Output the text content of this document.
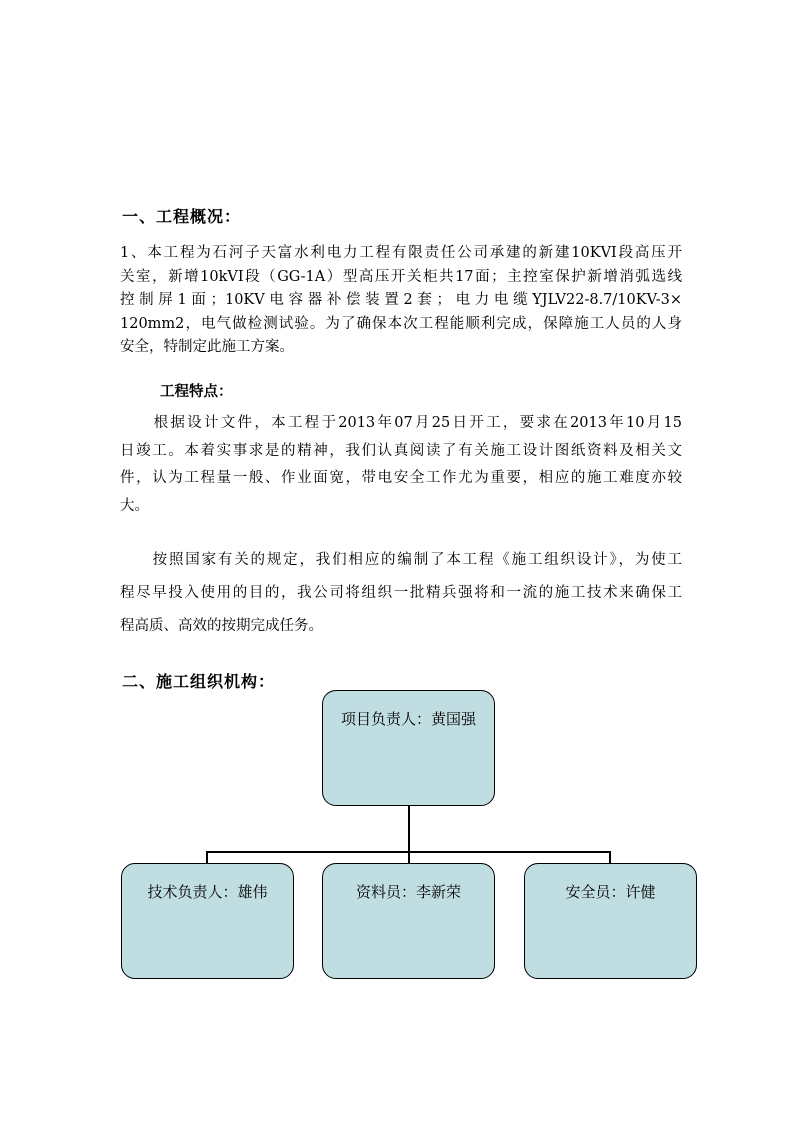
一、工程概况：
1、本工程为石河子天富水利电力工程有限责任公司承建的新建10KVI段高压开
关室，新增10kVI段（GG-1A）型高压开关柜共17面；主控室保护新增消弧选线
控制屏1面；10KV电容器补偿装置2套；电力电缆YJLV22-8.7/10KV-3×
120mm2，电气做检测试验。为了确保本次工程能顺利完成，保障施工人员的人身
安全，特制定此施工方案。
工程特点：
　　根据设计文件，本工程于2013年07月25日开工，要求在2013年10月15
日竣工。本着实事求是的精神，我们认真阅读了有关施工设计图纸资料及相关文
件，认为工程量一般、作业面宽，带电安全工作尤为重要，相应的施工难度亦较
大。
　　按照国家有关的规定，我们相应的编制了本工程《施工组织设计》，为使工
程尽早投入使用的目的，我公司将组织一批精兵强将和一流的施工技术来确保工
程高质、高效的按期完成任务。
二、施工组织机构：
项目负责人：黄国强
技术负责人：雄伟	资料员：李新荣	安全员：许健
